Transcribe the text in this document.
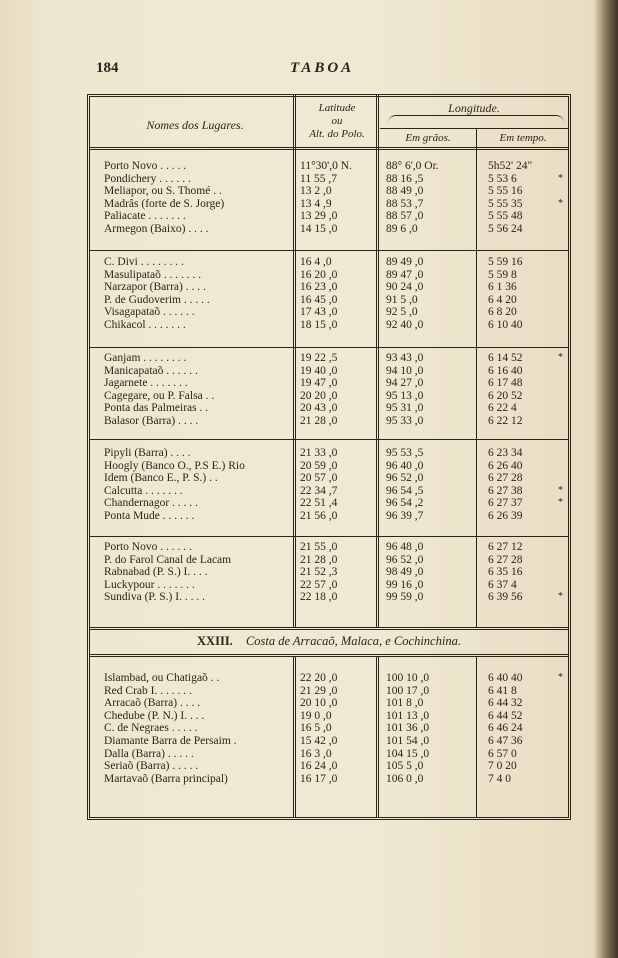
184	TABOA
Nomes dos Lugares.
Latitude
ou
Alt. do Polo.
Longitude.
Em grãos.	Em tempo.
XXIII. Costa de Arracaõ, Malaca, e Cochinchina.
Porto Novo . . . . .	11°30',0 N.	88° 6',0 Or.	5h52' 24"
Pondichery . . . . . .	11 55 ,7	88 16 ,5	5 53 6	*
Meliapor, ou S. Thomé . .	13 2 ,0	88 49 ,0	5 55 16
Madrâs (forte de S. Jorge)	13 4 ,9	88 53 ,7	5 55 35	*
Paliacate . . . . . . .	13 29 ,0	88 57 ,0	5 55 48
Armegon (Baixo) . . . .	14 15 ,0	89 6 ,0	5 56 24
C. Divi . . . . . . . .	16 4 ,0	89 49 ,0	5 59 16
Masulipataõ . . . . . . .	16 20 ,0	89 47 ,0	5 59 8
Narzapor (Barra) . . . .	16 23 ,0	90 24 ,0	6 1 36
P. de Gudoverim . . . . .	16 45 ,0	91 5 ,0	6 4 20
Visagapataõ . . . . . .	17 43 ,0	92 5 ,0	6 8 20
Chikacol . . . . . . .	18 15 ,0	92 40 ,0	6 10 40
Ganjam . . . . . . . .	19 22 ,5	93 43 ,0	6 14 52	*
Manicapataõ . . . . . .	19 40 ,0	94 10 ,0	6 16 40
Jagarnete . . . . . . .	19 47 ,0	94 27 ,0	6 17 48
Cagegare, ou P. Falsa . .	20 20 ,0	95 13 ,0	6 20 52
Ponta das Palmeiras . .	20 43 ,0	95 31 ,0	6 22 4
Balasor (Barra) . . . .	21 28 ,0	95 33 ,0	6 22 12
Pipyli (Barra) . . . .	21 33 ,0	95 53 ,5	6 23 34
Hoogly (Banco O., P.S E.) Rio	20 59 ,0	96 40 ,0	6 26 40
Idem (Banco E., P. S.) . .	20 57 ,0	96 52 ,0	6 27 28
Calcutta . . . . . . .	22 34 ,7	96 54 ,5	6 27 38	*
Chandernagor . . . . .	22 51 ,4	96 54 ,2	6 27 37	*
Ponta Mude . . . . . .	21 56 ,0	96 39 ,7	6 26 39
Porto Novo . . . . . .	21 55 ,0	96 48 ,0	6 27 12
P. do Farol Canal de Lacam	21 28 ,0	96 52 ,0	6 27 28
Rabnabad (P. S.) I. . . .	21 52 ,3	98 49 ,0	6 35 16
Luckypour . . . . . . .	22 57 ,0	99 16 ,0	6 37 4
Sundiva (P. S.) I. . . . .	22 18 ,0	99 59 ,0	6 39 56	*
Islambad, ou Chatigaõ . .	22 20 ,0	100 10 ,0	6 40 40	*
Red Crab I. . . . . . .	21 29 ,0	100 17 ,0	6 41 8
Arracaõ (Barra) . . . .	20 10 ,0	101 8 ,0	6 44 32
Chedube (P. N.) I. . . .	19 0 ,0	101 13 ,0	6 44 52
C. de Negraes . . . . .	16 5 ,0	101 36 ,0	6 46 24
Diamante Barra de Persaim .	15 42 ,0	101 54 ,0	6 47 36
Dalla (Barra) . . . . .	16 3 ,0	104 15 ,0	6 57 0
Seriaõ (Barra) . . . . .	16 24 ,0	105 5 ,0	7 0 20
Martavaõ (Barra principal)	16 17 ,0	106 0 ,0	7 4 0
